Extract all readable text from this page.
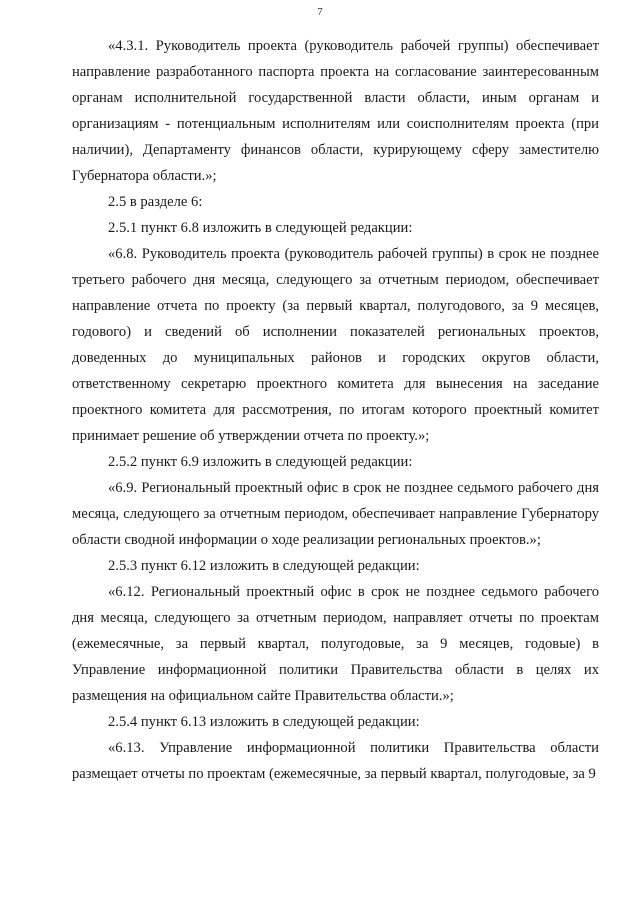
7

«4.3.1. Руководитель проекта (руководитель рабочей группы) обеспечивает направление разработанного паспорта проекта на согласование заинтересованным органам исполнительной государственной власти области, иным органам и организациям - потенциальным исполнителям или соисполнителям проекта (при наличии), Департаменту финансов области, курирующему сферу заместителю Губернатора области.»;

2.5 в разделе 6:

2.5.1 пункт 6.8 изложить в следующей редакции:

«6.8. Руководитель проекта (руководитель рабочей группы) в срок не позднее третьего рабочего дня месяца, следующего за отчетным периодом, обеспечивает направление отчета по проекту (за первый квартал, полугодового, за 9 месяцев, годового) и сведений об исполнении показателей региональных проектов, доведенных до муниципальных районов и городских округов области, ответственному секретарю проектного комитета для вынесения на заседание проектного комитета для рассмотрения, по итогам которого проектный комитет принимает решение об утверждении отчета по проекту.»;

2.5.2 пункт 6.9 изложить в следующей редакции:

«6.9. Региональный проектный офис в срок не позднее седьмого рабочего дня месяца, следующего за отчетным периодом, обеспечивает направление Губернатору области сводной информации о ходе реализации региональных проектов.»;

2.5.3 пункт 6.12 изложить в следующей редакции:

«6.12. Региональный проектный офис в срок не позднее седьмого рабочего дня месяца, следующего за отчетным периодом, направляет отчеты по проектам (ежемесячные, за первый квартал, полугодовые, за 9 месяцев, годовые) в Управление информационной политики Правительства области в целях их размещения на официальном сайте Правительства области.»;

2.5.4 пункт 6.13 изложить в следующей редакции:

«6.13. Управление информационной политики Правительства области размещает отчеты по проектам (ежемесячные, за первый квартал, полугодовые, за 9
